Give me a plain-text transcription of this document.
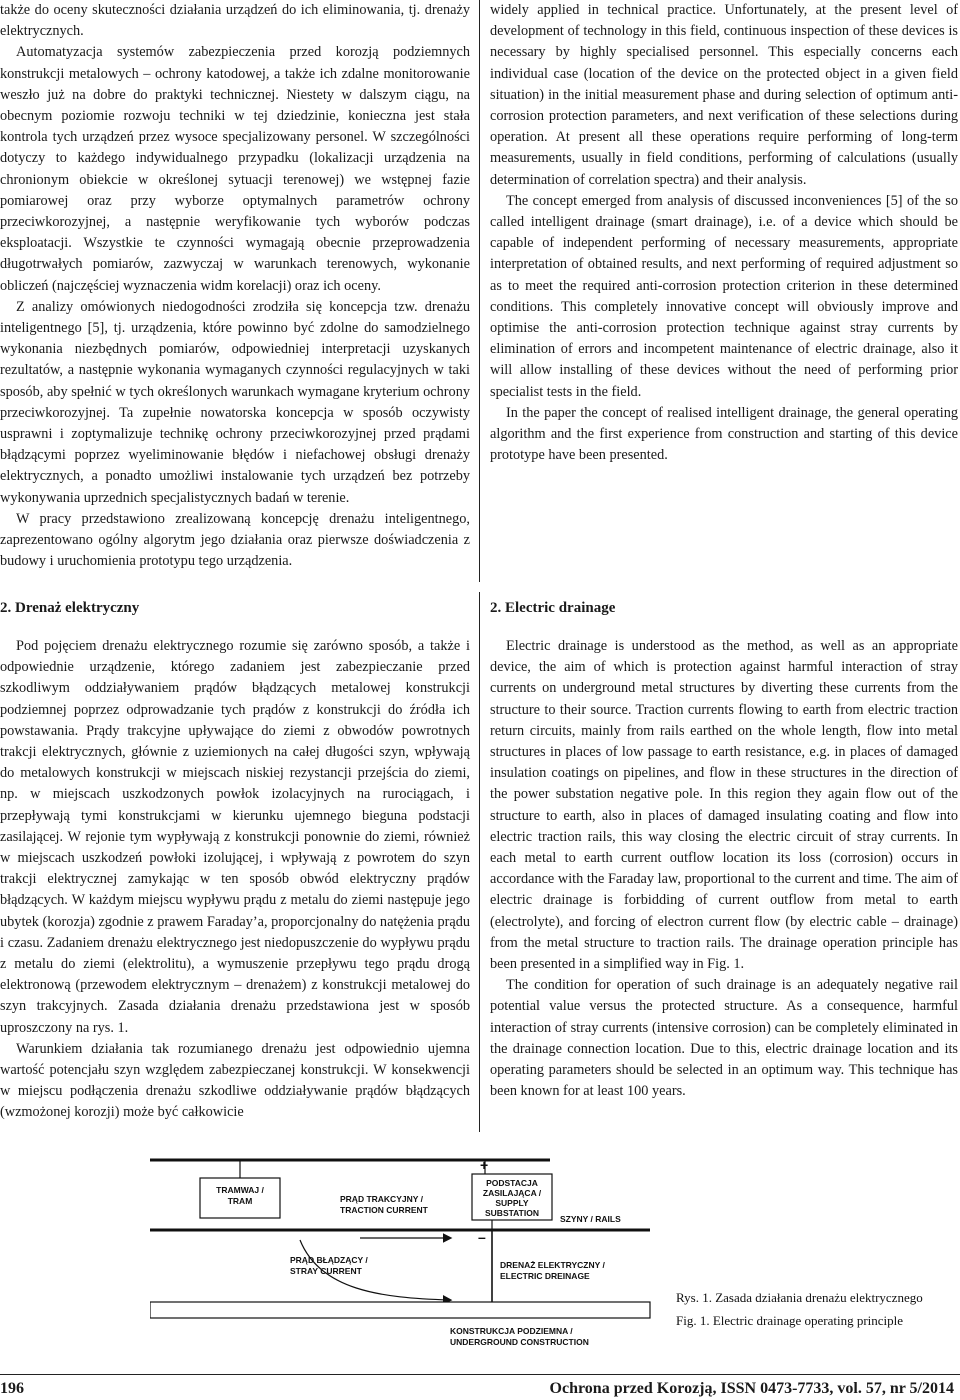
także do oceny skuteczności działania urządzeń do ich eliminowania, tj. drenaży elektrycznych.

Automatyzacja systemów zabezpieczenia przed korozją podziemnych konstrukcji metalowych – ochrony katodowej, a także ich zdalne monitorowanie weszło już na dobre do praktyki technicznej. Niestety w dalszym ciągu, na obecnym poziomie rozwoju techniki w tej dziedzinie, konieczna jest stała kontrola tych urządzeń przez wysoce specjalizowany personel. W szczególności dotyczy to każdego indywidualnego przypadku (lokalizacji urządzenia na chronionym obiekcie w określonej sytuacji terenowej) we wstępnej fazie pomiarowej oraz przy wyborze optymalnych parametrów ochrony przeciwkorozyjnej, a następnie weryfikowanie tych wyborów podczas eksploatacji. Wszystkie te czynności wymagają obecnie przeprowadzenia długotrwałych pomiarów, zazwyczaj w warunkach terenowych, wykonanie obliczeń (najczęściej wyznaczenia widm korelacji) oraz ich oceny.

Z analizy omówionych niedogodności zrodziła się koncepcja tzw. drenażu inteligentnego [5], tj. urządzenia, które powinno być zdolne do samodzielnego wykonania niezbędnych pomiarów, odpowiedniej interpretacji uzyskanych rezultatów, a następnie wykonania wymaganych czynności regulacyjnych w taki sposób, aby spełnić w tych określonych warunkach wymagane kryterium ochrony przeciwkorozyjnej. Ta zupełnie nowatorska koncepcja w sposób oczywisty usprawni i zoptymalizuje technikę ochrony przeciwkorozyjnej przed prądami błądzącymi poprzez wyeliminowanie błędów i niefachowej obsługi drenaży elektrycznych, a ponadto umożliwi instalowanie tych urządzeń bez potrzeby wykonywania uprzednich specjalistycznych badań w terenie.

W pracy przedstawiono zrealizowaną koncepcję drenażu inteligentnego, zaprezentowano ogólny algorytm jego działania oraz pierwsze doświadczenia z budowy i uruchomienia prototypu tego urządzenia.

widely applied in technical practice. Unfortunately, at the present level of development of technology in this field, continuous inspection of these devices is necessary by highly specialised personnel. This especially concerns each individual case (location of the device on the protected object in a given field situation) in the initial measurement phase and during selection of optimum anti-corrosion protection parameters, and next verification of these selections during operation. At present all these operations require performing of long-term measurements, usually in field conditions, performing of calculations (usually determination of correlation spectra) and their analysis.

The concept emerged from analysis of discussed inconveniences [5] of the so called intelligent drainage (smart drainage), i.e. of a device which should be capable of independent performing of necessary measurements, appropriate interpretation of obtained results, and next performing of required adjustment so as to meet the required anti-corrosion protection criterion in these determined conditions. This completely innovative concept will obviously improve and optimise the anti-corrosion protection technique against stray currents by elimination of errors and incompetent maintenance of electric drainage, also it will allow installing of these devices without the need of performing prior specialist tests in the field.

In the paper the concept of realised intelligent drainage, the general operating algorithm and the first experience from construction and starting of this device prototype have been presented.

2. Drenaż elektryczny	2. Electric drainage

Pod pojęciem drenażu elektrycznego rozumie się zarówno sposób, a także i odpowiednie urządzenie, którego zadaniem jest zabezpieczanie przed szkodliwym oddziaływaniem prądów błądzących metalowej konstrukcji podziemnej poprzez odprowadzanie tych prądów z konstrukcji do źródła ich powstawania. Prądy trakcyjne upływające do ziemi z obwodów powrotnych trakcji elektrycznych, głównie z uziemionych na całej długości szyn, wpływają do metalowych konstrukcji w miejscach niskiej rezystancji przejścia do ziemi, np. w miejscach uszkodzonych powłok izolacyjnych na rurociągach, i przepływają tymi konstrukcjami w kierunku ujemnego bieguna podstacji zasilającej. W rejonie tym wypływają z konstrukcji ponownie do ziemi, również w miejscach uszkodzeń powłoki izolującej, i wpływają z powrotem do szyn trakcji elektrycznej zamykając w ten sposób obwód elektryczny prądów błądzących. W każdym miejscu wypływu prądu z metalu do ziemi następuje jego ubytek (korozja) zgodnie z prawem Faraday’a, proporcjonalny do natężenia prądu i czasu. Zadaniem drenażu elektrycznego jest niedopuszczenie do wypływu prądu z metalu do ziemi (elektrolitu), a wymuszenie przepływu tego prądu drogą elektronową (przewodem elektrycznym – drenażem) z konstrukcji metalowej do szyn trakcyjnych. Zasada działania drenażu przedstawiona jest w sposób uproszczony na rys. 1.

Warunkiem działania tak rozumianego drenażu jest odpowiednio ujemna wartość potencjału szyn względem zabezpieczanej konstrukcji. W konsekwencji w miejscu podłączenia drenażu szkodliwe oddziaływanie prądów błądzących (wzmożonej korozji) może być całkowicie

Electric drainage is understood as the method, as well as an appropriate device, the aim of which is protection against harmful interaction of stray currents on underground metal structures by diverting these currents from the structure to their source. Traction currents flowing to earth from electric traction return circuits, mainly from rails earthed on the whole length, flow into metal structures in places of low passage to earth resistance, e.g. in places of damaged insulation coatings on pipelines, and flow in these structures in the direction of the power substation negative pole. In this region they again flow out of the structure to earth, also in places of damaged insulating coating and flow into electric traction rails, this way closing the electric circuit of stray currents. In each metal to earth current outflow location its loss (corrosion) occurs in accordance with the Faraday law, proportional to the current and time. The aim of electric drainage is forbidding of current outflow from metal to earth (electrolyte), and forcing of electron current flow (by electric cable – drainage) from the metal structure to traction rails. The drainage operation principle has been presented in a simplified way in Fig. 1.

The condition for operation of such drainage is an adequately negative rail potential value versus the protected structure. As a consequence, harmful interaction of stray currents (intensive corrosion) can be completely eliminated in the drainage connection location. Due to this, electric drainage location and its operating parameters should be selected in an optimum way. This technique has been known for at least 100 years.

TRAMWAJ /
TRAM	PRĄD TRAKCYJNY /
TRACTION CURRENT
+
PODSTACJA
ZASILAJĄCA /
SUPPLY
SUBSTATION
–
SZYNY / RAILS
DRENAŻ ELEKTRYCZNY /
ELECTRIC DREINAGE
PRĄD BŁĄDZĄCY /
STRAY CURRENT
KONSTRUKCJA PODZIEMNA /
UNDERGROUND CONSTRUCTION
Rys. 1. Zasada działania drenażu elektrycznego
Fig. 1. Electric drainage operating principle
196	Ochrona przed Korozją, ISSN 0473-7733, vol. 57, nr 5/2014
